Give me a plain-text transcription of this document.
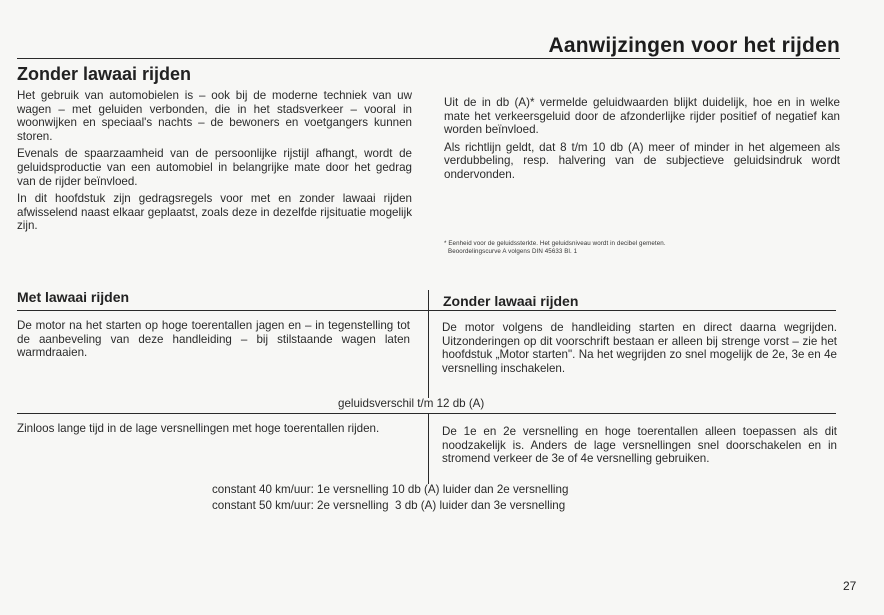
Aanwijzingen voor het rijden
Zonder lawaai rijden

Het gebruik van automobielen is – ook bij de moderne techniek van uw wagen – met geluiden verbonden, die in het stadsverkeer – vooral in woonwijken en speciaal's nachts – de bewoners en voetgangers kunnen storen.

Evenals de spaarzaamheid van de persoonlijke rijstijl afhangt, wordt de geluidsproductie van een automobiel in belangrijke mate door het gedrag van de rijder beïnvloed.

In dit hoofdstuk zijn gedragsregels voor met en zonder lawaai rijden afwisselend naast elkaar geplaatst, zoals deze in dezelfde rijsituatie mogelijk zijn.

Uit de in db (A)* vermelde geluidwaarden blijkt duidelijk, hoe en in welke mate het verkeersgeluid door de afzonderlijke rijder positief of negatief kan worden beïnvloed.

Als richtlijn geldt, dat 8 t/m 10 db (A) meer of minder in het algemeen als verdubbeling, resp. halvering van de subjectieve geluidsindruk wordt ondervonden.

* Eenheid voor de geluidssterkte. Het geluidsniveau wordt in decibel gemeten.
Beoordelingscurve A volgens DIN 45633 Bl. 1
Met lawaai rijden	Zonder lawaai rijden
De motor na het starten op hoge toerentallen jagen en – in tegenstelling tot de aanbeveling van deze handleiding – bij stilstaande wagen laten warmdraaien.
De motor volgens de handleiding starten en direct daarna wegrijden. Uitzonderingen op dit voorschrift bestaan er alleen bij strenge vorst – zie het hoofdstuk „Motor starten". Na het wegrijden zo snel mogelijk de 2e, 3e en 4e versnelling inschakelen.
geluidsverschil t/m 12 db (A)
Zinloos lange tijd in de lage versnellingen met hoge toerentallen rijden.	De 1e en 2e versnelling en hoge toerentallen alleen toepassen als dit noodzakelijk is. Anders de lage versnellingen snel doorschakelen en in stromend verkeer de 3e of 4e versnelling gebruiken.
constant 40 km/uur: 1e versnelling 10 db (A) luider dan 2e versnelling
constant 50 km/uur: 2e versnelling  3 db (A) luider dan 3e versnelling
27
